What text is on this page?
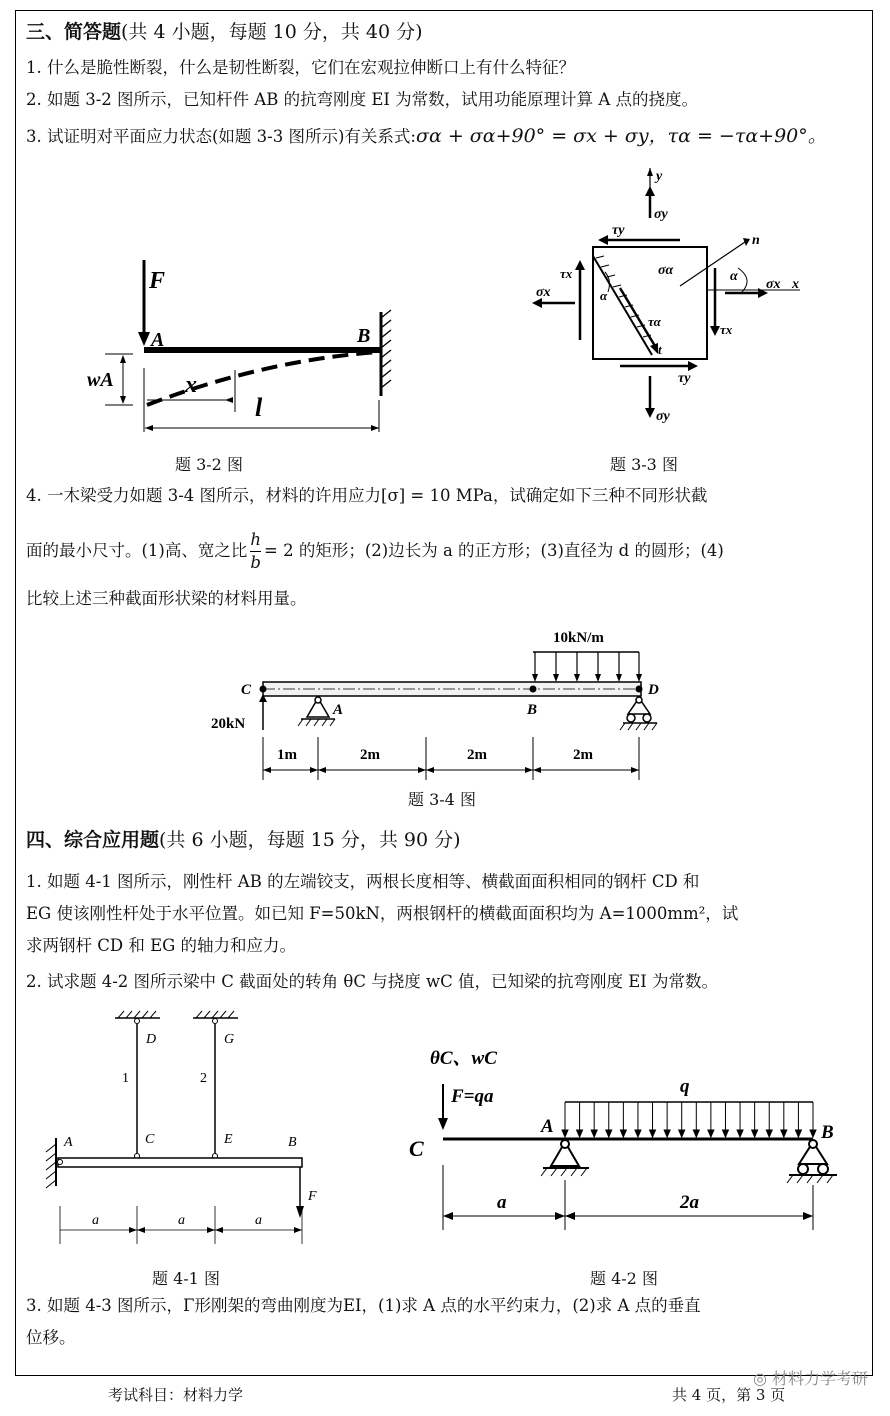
三、简答题(共 4 小题，每题 10 分，共 40 分)
1. 什么是脆性断裂，什么是韧性断裂，它们在宏观拉伸断口上有什么特征？
2. 如题 3-2 图所示，已知杆件 AB 的抗弯刚度 EI 为常数，试用功能原理计算 A 点的挠度。
3. 试证明对平面应力状态(如题 3-3 图所示)有关系式:σα + σα+90° = σx + σy，τα = −τα+90°。
F
A	B
wA	x
l
题 3-2 图
y
σy
τy
τα
t
n
σα	α
σx x
σx
τx
τx
α
τy
σy
题 3-3 图
4. 一木梁受力如题 3-4 图所示，材料的许用应力[σ] = 10 MPa，试确定如下三种不同形状截
面的最小尺寸。(1)高、宽之比 $\frac{h}{b} = 2$ 的矩形；(2)边长为 a 的正方形；(3)直径为 d 的圆形；(4)
比较上述三种截面形状梁的材料用量。
10kN/m
C	D
B
A
20kN
1m	2m	2m	2m
题 3-4 图
四、综合应用题(共 6 小题，每题 15 分，共 90 分)
1. 如题 4-1 图所示，刚性杆 AB 的左端铰支，两根长度相等、横截面面积相同的钢杆 CD 和
EG 使该刚性杆处于水平位置。如已知 F=50kN，两根钢杆的横截面面积均为 A=1000mm²，试
求两钢杆 CD 和 EG 的轴力和应力。
2. 试求题 4-2 图所示梁中 C 截面处的转角 θC 与挠度 wC 值，已知梁的抗弯刚度 EI 为常数。
D	G
1	2
C	E
A	B
F
a	a	a
题 4-1 图
θC、wC
F=qa	q
C
A	B
a	2a
题 4-2 图
3. 如题 4-3 图所示，Γ形刚架的弯曲刚度为EI，(1)求 A 点的水平约束力，(2)求 A 点的垂直
位移。
考试科目：材料力学	共 4 页，第 3 页
◎ 材料力学考研
